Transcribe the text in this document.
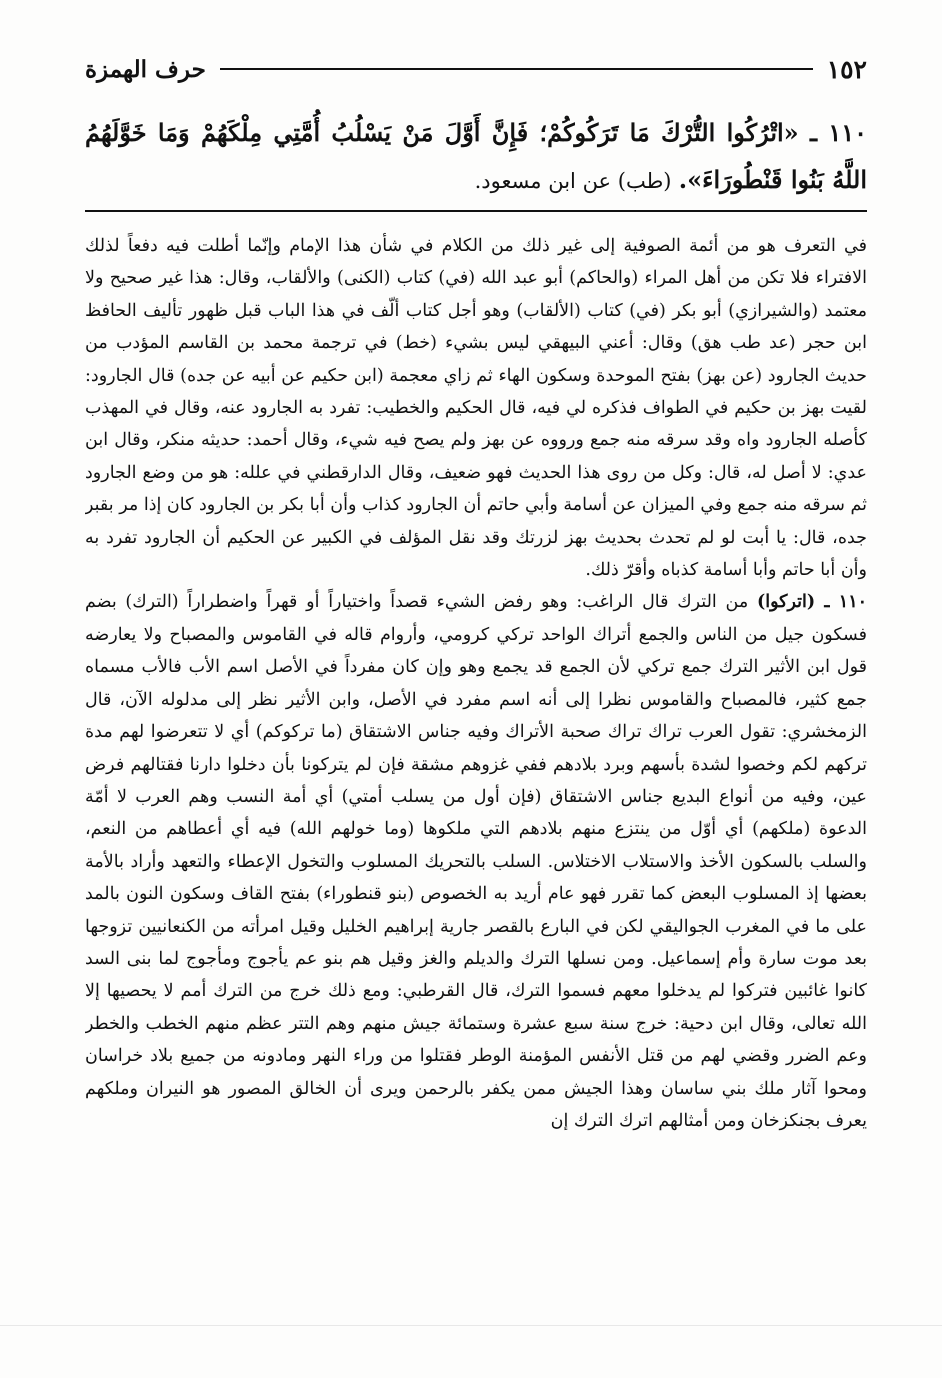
١٥٢
حرف الهمزة
١١٠ ـ «اتْرُكُوا التُّرْكَ مَا تَرَكُوكُمْ؛ فَإِنَّ أَوَّلَ مَنْ يَسْلُبُ أُمَّتِي مِلْكَهُمْ وَمَا خَوَّلَهُمُ اللَّهُ بَنُوا قَنْطُورَاءَ». (طب) عن ابن مسعود.

في التعرف هو من أئمة الصوفية إلى غير ذلك من الكلام في شأن هذا الإمام وإنّما أطلت فيه دفعاً لذلك الافتراء فلا تكن من أهل المراء (والحاكم) أبو عبد الله (في) كتاب (الكنى) والألقاب، وقال: هذا غير صحيح ولا معتمد (والشيرازي) أبو بكر (في) كتاب (الألقاب) وهو أجل كتاب ألّف في هذا الباب قبل ظهور تأليف الحافظ ابن حجر (عد طب هق) وقال: أعني البيهقي ليس بشيء (خط) في ترجمة محمد بن القاسم المؤدب من حديث الجارود (عن بهز) بفتح الموحدة وسكون الهاء ثم زاي معجمة (ابن حكيم عن أبيه عن جده) قال الجارود: لقيت بهز بن حكيم في الطواف فذكره لي فيه، قال الحكيم والخطيب: تفرد به الجارود عنه، وقال في المهذب كأصله الجارود واه وقد سرقه منه جمع ورووه عن بهز ولم يصح فيه شيء، وقال أحمد: حديثه منكر، وقال ابن عدي: لا أصل له، قال: وكل من روى هذا الحديث فهو ضعيف، وقال الدارقطني في علله: هو من وضع الجارود ثم سرقه منه جمع وفي الميزان عن أسامة وأبي حاتم أن الجارود كذاب وأن أبا بكر بن الجارود كان إذا مر بقبر جده، قال: يا أبت لو لم تحدث بحديث بهز لزرتك وقد نقل المؤلف في الكبير عن الحكيم أن الجارود تفرد به وأن أبا حاتم وأبا أسامة كذباه وأقرّ ذلك.

١١٠ ـ (اتركوا) من الترك قال الراغب: وهو رفض الشيء قصداً واختياراً أو قهراً واضطراراً (الترك) بضم فسكون جيل من الناس والجمع أتراك الواحد تركي كرومي، وأروام قاله في القاموس والمصباح ولا يعارضه قول ابن الأثير الترك جمع تركي لأن الجمع قد يجمع وهو وإن كان مفرداً في الأصل اسم الأب فالأب مسماه جمع كثير، فالمصباح والقاموس نظرا إلى أنه اسم مفرد في الأصل، وابن الأثير نظر إلى مدلوله الآن، قال الزمخشري: تقول العرب تراك تراك صحبة الأتراك وفيه جناس الاشتقاق (ما تركوكم) أي لا تتعرضوا لهم مدة تركهم لكم وخصوا لشدة بأسهم وبرد بلادهم ففي غزوهم مشقة فإن لم يتركونا بأن دخلوا دارنا فقتالهم فرض عين، وفيه من أنواع البديع جناس الاشتقاق (فإن أول من يسلب أمتي) أي أمة النسب وهم العرب لا أمّة الدعوة (ملكهم) أي أوّل من ينتزع منهم بلادهم التي ملكوها (وما خولهم الله) فيه أي أعطاهم من النعم، والسلب بالسكون الأخذ والاستلاب الاختلاس. السلب بالتحريك المسلوب والتخول الإعطاء والتعهد وأراد بالأمة بعضها إذ المسلوب البعض كما تقرر فهو عام أريد به الخصوص (بنو قنطوراء) بفتح القاف وسكون النون بالمد على ما في المغرب الجواليقي لكن في البارع بالقصر جارية إبراهيم الخليل وقيل امرأته من الكنعانيين تزوجها بعد موت سارة وأم إسماعيل. ومن نسلها الترك والديلم والغز وقيل هم بنو عم يأجوج ومأجوج لما بنى السد كانوا غائبين فتركوا لم يدخلوا معهم فسموا الترك، قال القرطبي: ومع ذلك خرج من الترك أمم لا يحصيها إلا الله تعالى، وقال ابن دحية: خرج سنة سبع عشرة وستمائة جيش منهم وهم التتر عظم منهم الخطب والخطر وعم الضرر وقضي لهم من قتل الأنفس المؤمنة الوطر فقتلوا من وراء النهر ومادونه من جميع بلاد خراسان ومحوا آثار ملك بني ساسان وهذا الجيش ممن يكفر بالرحمن ويرى أن الخالق المصور هو النيران وملكهم يعرف بجنكزخان ومن أمثالهم اترك الترك إن
